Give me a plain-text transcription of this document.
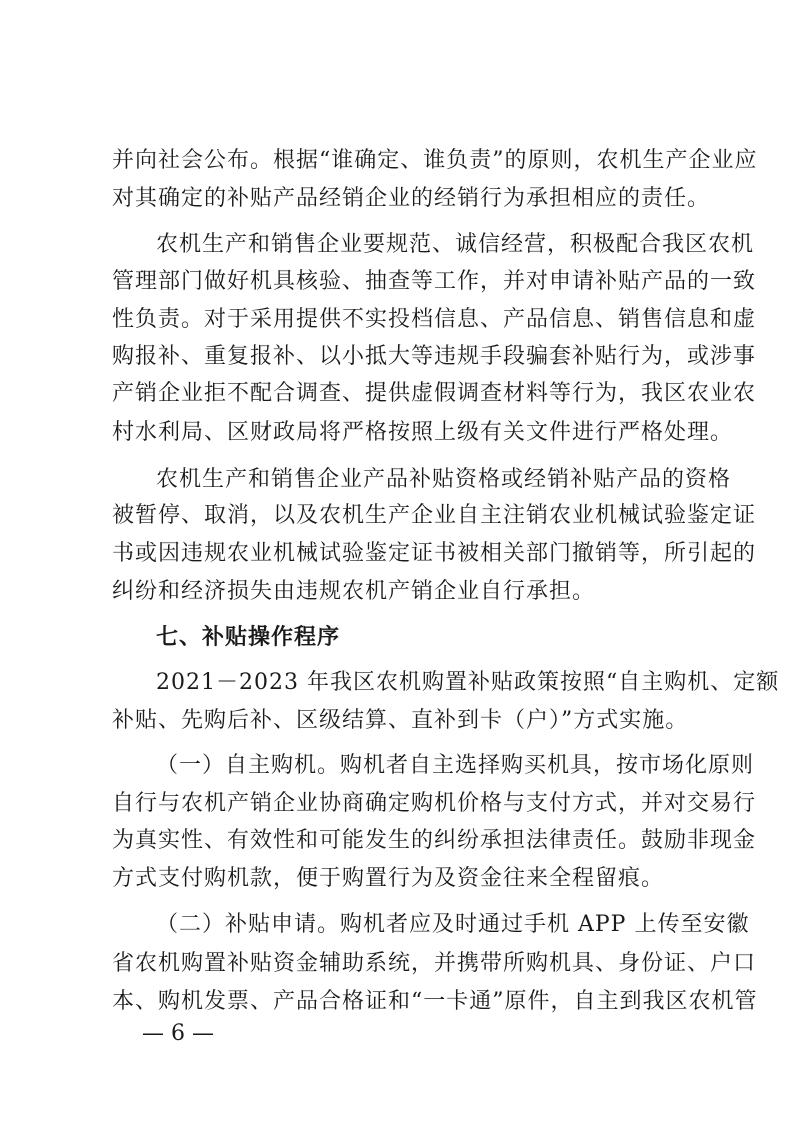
并向社会公布。根据“谁确定、谁负责”的原则，农机生产企业应
对其确定的补贴产品经销企业的经销行为承担相应的责任。
农机生产和销售企业要规范、诚信经营，积极配合我区农机
管理部门做好机具核验、抽查等工作，并对申请补贴产品的一致
性负责。对于采用提供不实投档信息、产品信息、销售信息和虚
购报补、重复报补、以小抵大等违规手段骗套补贴行为，或涉事
产销企业拒不配合调查、提供虚假调查材料等行为，我区农业农
村水利局、区财政局将严格按照上级有关文件进行严格处理。
农机生产和销售企业产品补贴资格或经销补贴产品的资格
被暂停、取消，以及农机生产企业自主注销农业机械试验鉴定证
书或因违规农业机械试验鉴定证书被相关部门撤销等，所引起的
纠纷和经济损失由违规农机产销企业自行承担。
七、补贴操作程序
2021－2023 年我区农机购置补贴政策按照“自主购机、定额
补贴、先购后补、区级结算、直补到卡（户）”方式实施。
（一）自主购机。购机者自主选择购买机具，按市场化原则
自行与农机产销企业协商确定购机价格与支付方式，并对交易行
为真实性、有效性和可能发生的纠纷承担法律责任。鼓励非现金
方式支付购机款，便于购置行为及资金往来全程留痕。
（二）补贴申请。购机者应及时通过手机 APP 上传至安徽
省农机购置补贴资金辅助系统，并携带所购机具、身份证、户口
本、购机发票、产品合格证和“一卡通”原件，自主到我区农机管
— 6 —
